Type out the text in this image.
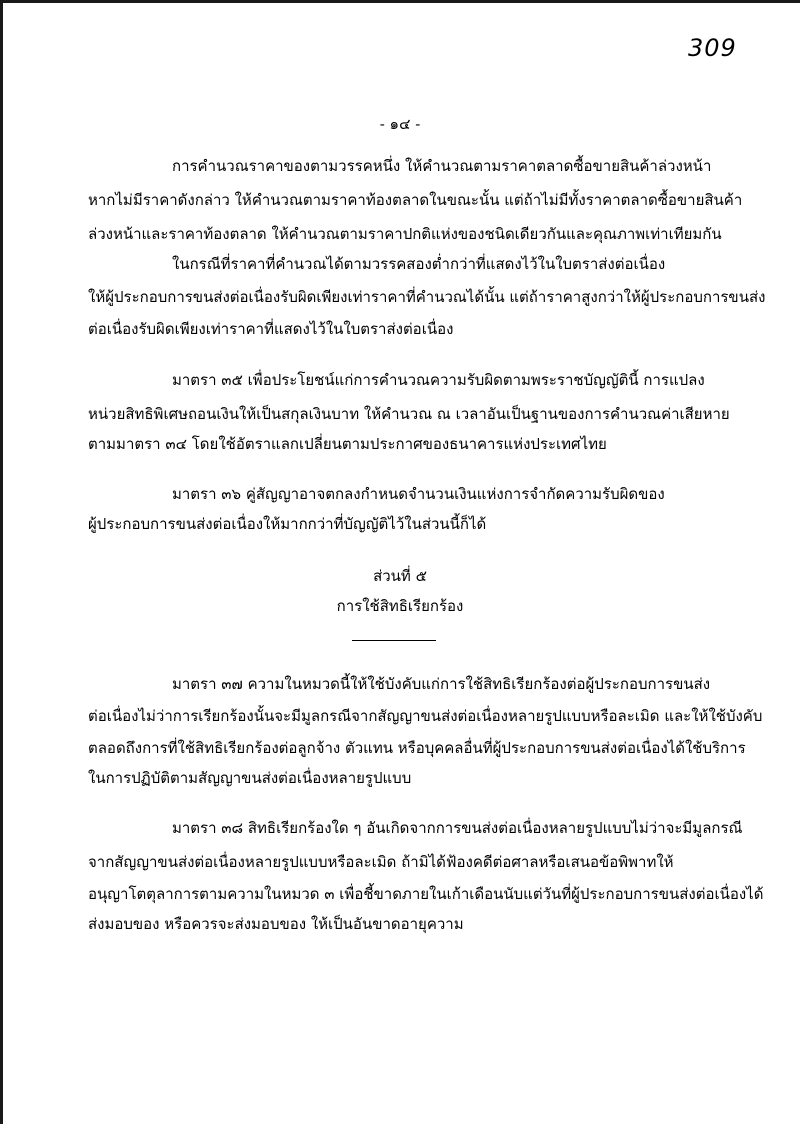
309
- ๑๔ -
การคำนวณราคาของตามวรรคหนึ่ง ให้คำนวณตามราคาตลาดซื้อขายสินค้าล่วงหน้า
หากไม่มีราคาดังกล่าว ให้คำนวณตามราคาท้องตลาดในขณะนั้น แต่ถ้าไม่มีทั้งราคาตลาดซื้อขายสินค้า
ล่วงหน้าและราคาท้องตลาด ให้คำนวณตามราคาปกติแห่งของชนิดเดียวกันและคุณภาพเท่าเทียมกัน
ในกรณีที่ราคาที่คำนวณได้ตามวรรคสองต่ำกว่าที่แสดงไว้ในใบตราส่งต่อเนื่อง
ให้ผู้ประกอบการขนส่งต่อเนื่องรับผิดเพียงเท่าราคาที่คำนวณได้นั้น แต่ถ้าราคาสูงกว่าให้ผู้ประกอบการขนส่ง
ต่อเนื่องรับผิดเพียงเท่าราคาที่แสดงไว้ในใบตราส่งต่อเนื่อง
มาตรา ๓๕ เพื่อประโยชน์แก่การคำนวณความรับผิดตามพระราชบัญญัตินี้ การแปลง
หน่วยสิทธิพิเศษถอนเงินให้เป็นสกุลเงินบาท ให้คำนวณ ณ เวลาอันเป็นฐานของการคำนวณค่าเสียหาย
ตามมาตรา ๓๔ โดยใช้อัตราแลกเปลี่ยนตามประกาศของธนาคารแห่งประเทศไทย
มาตรา ๓๖ คู่สัญญาอาจตกลงกำหนดจำนวนเงินแห่งการจำกัดความรับผิดของ
ผู้ประกอบการขนส่งต่อเนื่องให้มากกว่าที่บัญญัติไว้ในส่วนนี้ก็ได้
ส่วนที่ ๕
การใช้สิทธิเรียกร้อง
มาตรา ๓๗ ความในหมวดนี้ให้ใช้บังคับแก่การใช้สิทธิเรียกร้องต่อผู้ประกอบการขนส่ง
ต่อเนื่องไม่ว่าการเรียกร้องนั้นจะมีมูลกรณีจากสัญญาขนส่งต่อเนื่องหลายรูปแบบหรือละเมิด และให้ใช้บังคับ
ตลอดถึงการที่ใช้สิทธิเรียกร้องต่อลูกจ้าง ตัวแทน หรือบุคคลอื่นที่ผู้ประกอบการขนส่งต่อเนื่องได้ใช้บริการ
ในการปฏิบัติตามสัญญาขนส่งต่อเนื่องหลายรูปแบบ
มาตรา ๓๘ สิทธิเรียกร้องใด ๆ อันเกิดจากการขนส่งต่อเนื่องหลายรูปแบบไม่ว่าจะมีมูลกรณี
จากสัญญาขนส่งต่อเนื่องหลายรูปแบบหรือละเมิด ถ้ามิได้ฟ้องคดีต่อศาลหรือเสนอข้อพิพาทให้
อนุญาโตตุลาการตามความในหมวด ๓ เพื่อชี้ขาดภายในเก้าเดือนนับแต่วันที่ผู้ประกอบการขนส่งต่อเนื่องได้
ส่งมอบของ หรือควรจะส่งมอบของ ให้เป็นอันขาดอายุความ
